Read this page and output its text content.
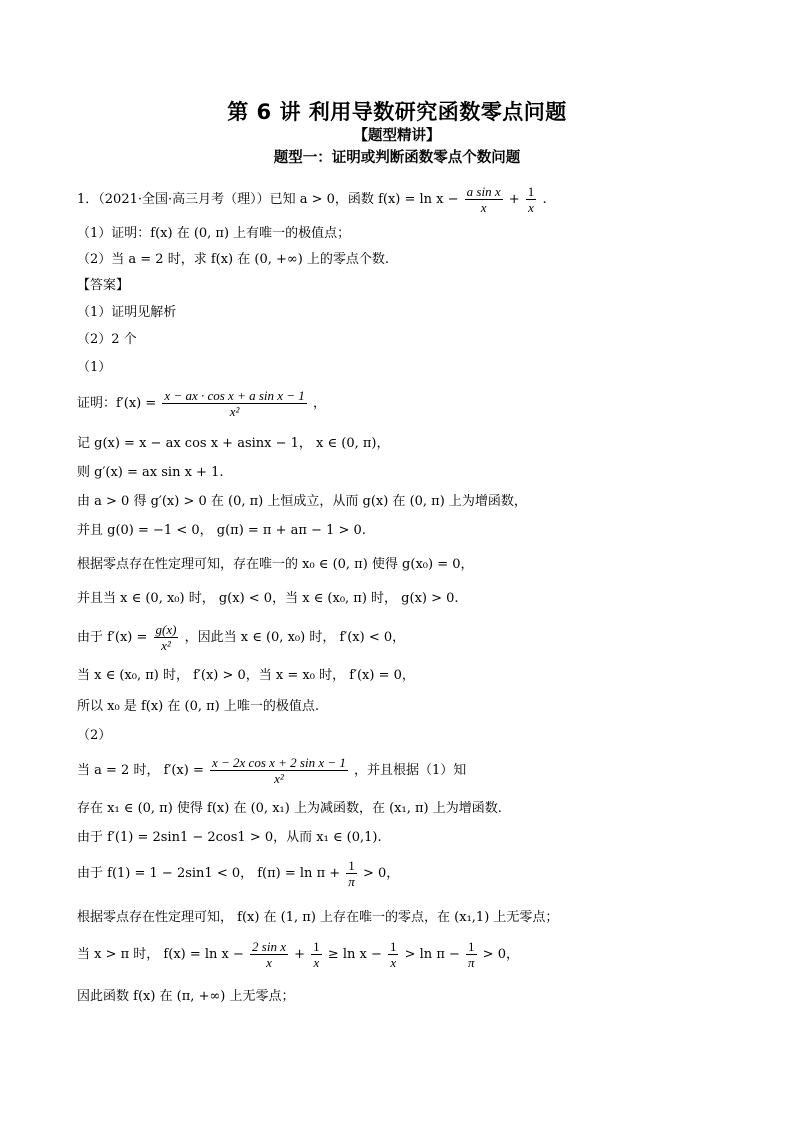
第 6 讲 利用导数研究函数零点问题
【题型精讲】
题型一：证明或判断函数零点个数问题
1．（2021·全国·高三月考（理））已知 a > 0，函数 $f(x) = \ln x - \frac{\text{a sin x}}{x} + \frac{1}{x}$ .
（1）证明：f(x) 在 (0, π) 上有唯一的极值点；
（2）当 a = 2 时，求 f(x) 在 (0, +∞) 上的零点个数.
【答案】
（1）证明见解析
（2）2 个
（1）
证明：$f'(x) = \frac{\text{x − ax · cos x + a sin x − 1}}{\text{x²}}$ ，
记 g(x) = x − ax cos x + asinx − 1， x ∈ (0, π)，
则 g′(x) = ax sin x + 1.
由 a > 0 得 g′(x) > 0 在 (0, π) 上恒成立，从而 g(x) 在 (0, π) 上为增函数，
并且 g(0) = −1 < 0， g(π) = π + aπ − 1 > 0.
根据零点存在性定理可知，存在唯一的 x₀ ∈ (0, π) 使得 g(x₀) = 0，
并且当 x ∈ (0, x₀) 时， g(x) < 0，当 x ∈ (x₀, π) 时， g(x) > 0.
由于 $f'(x) = \frac{g(x)}{\text{x²}}$ ，因此当 x ∈ (0, x₀) 时， f′(x) < 0，
当 x ∈ (x₀, π) 时， f′(x) > 0，当 x = x₀ 时， f′(x) = 0，
所以 x₀ 是 f(x) 在 (0, π) 上唯一的极值点.
（2）
当 a = 2 时， $f'(x) = \frac{\text{x − 2x cos x + 2 sin x − 1}}{\text{x²}}$ ，并且根据（1）知
存在 x₁ ∈ (0, π) 使得 f(x) 在 (0, x₁) 上为减函数，在 (x₁, π) 上为增函数.
由于 f′(1) = 2sin1 − 2cos1 > 0，从而 x₁ ∈ (0,1).
由于 f(1) = 1 − 2sin1 < 0， $f(\pi) = \ln \pi + \frac{1}{\pi} > 0$，
根据零点存在性定理可知， f(x) 在 (1, π) 上存在唯一的零点，在 (x₁,1) 上无零点；
当 x > π 时， $f(x) = \ln x - \frac{\text{2 sin x}}{x} + \frac{1}{x} \ge \ln x - \frac{1}{x} > \ln \pi - \frac{1}{\pi} > 0$，
因此函数 f(x) 在 (π, +∞) 上无零点；
